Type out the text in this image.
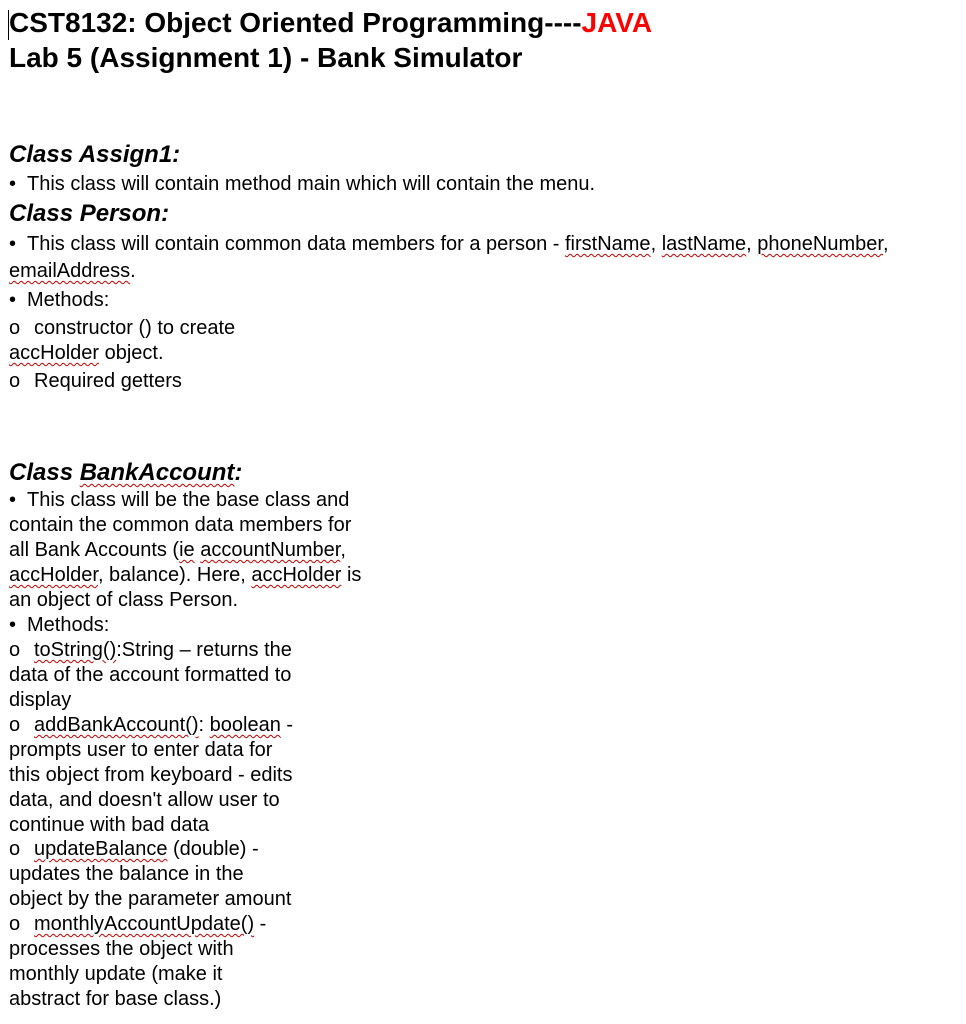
CST8132: Object Oriented Programming----JAVA
Lab 5 (Assignment 1) - Bank Simulator
Class Assign1:

• This class will contain method main which will contain the menu.

Class Person:

• This class will contain common data members for a person - firstName, lastName, phoneNumber,

emailAddress.

• Methods:

o constructor () to create

accHolder object.

o Required getters

Class BankAccount:

• This class will be the base class and

contain the common data members for

all Bank Accounts (ie accountNumber,

accHolder, balance). Here, accHolder is

an object of class Person.

• Methods:

o toString():String – returns the

data of the account formatted to

display

o addBankAccount(): boolean -

prompts user to enter data for

this object from keyboard - edits

data, and doesn't allow user to

continue with bad data

o updateBalance (double) -

updates the balance in the

object by the parameter amount

o monthlyAccountUpdate() -

processes the object with

monthly update (make it

abstract for base class.)
